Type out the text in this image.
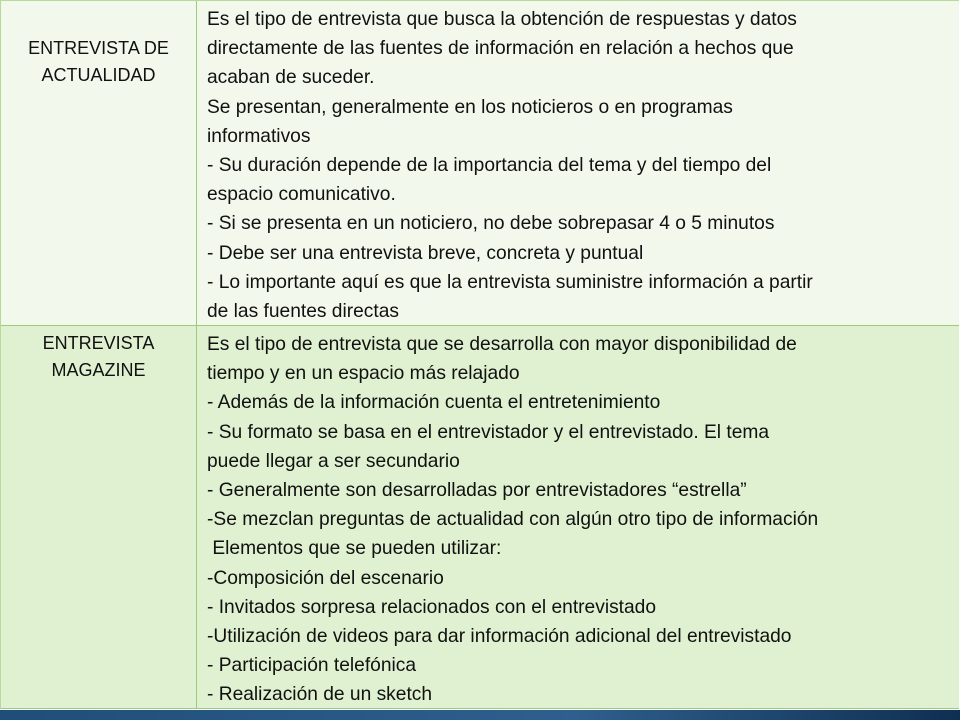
ENTREVISTA DE
ACTUALIDAD
Es el tipo de entrevista que busca la obtención de respuestas y datos
directamente de las fuentes de información en relación a hechos que
acaban de suceder.
Se presentan, generalmente en los noticieros o en programas
informativos
- Su duración depende de la importancia del tema y del tiempo del
espacio comunicativo.
- Si se presenta en un noticiero, no debe sobrepasar 4 o 5 minutos
- Debe ser una entrevista breve, concreta y puntual
- Lo importante aquí es que la entrevista suministre información a partir
de las fuentes directas
ENTREVISTA
MAGAZINE
Es el tipo de entrevista que se desarrolla con mayor disponibilidad de
tiempo y en un espacio más relajado
- Además de la información cuenta el entretenimiento
- Su formato se basa en el entrevistador y el entrevistado. El tema
puede llegar a ser secundario
- Generalmente son desarrolladas por entrevistadores “estrella”
-Se mezclan preguntas de actualidad con algún otro tipo de información
Elementos que se pueden utilizar:
-Composición del escenario
- Invitados sorpresa relacionados con el entrevistado
-Utilización de videos para dar información adicional del entrevistado
- Participación telefónica
- Realización de un sketch
